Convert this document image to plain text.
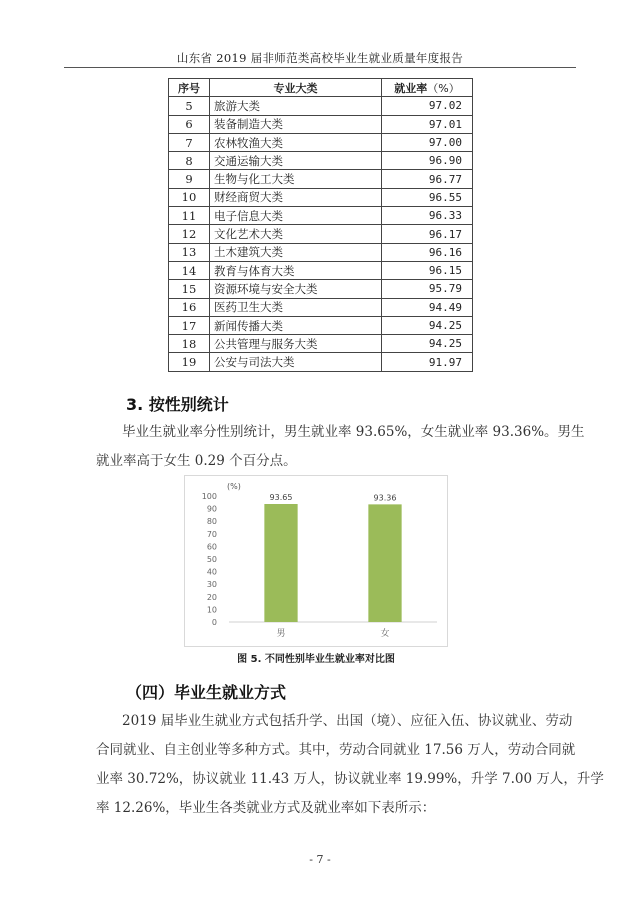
山东省 2019 届非师范类高校毕业生就业质量年度报告
序号	专业大类	就业率（%）
5	旅游大类	97.02
6	装备制造大类	97.01
7	农林牧渔大类	97.00
8	交通运输大类	96.90
9	生物与化工大类	96.77
10	财经商贸大类	96.55
11	电子信息大类	96.33
12	文化艺术大类	96.17
13	土木建筑大类	96.16
14	教育与体育大类	96.15
15	资源环境与安全大类	95.79
16	医药卫生大类	94.49
17	新闻传播大类	94.25
18	公共管理与服务大类	94.25
19	公安与司法大类	91.97
3. 按性别统计
毕业生就业率分性别统计，男生就业率 93.65%，女生就业率 93.36%。男生
就业率高于女生 0.29 个百分点。
(%)
0
10
20
30
40
50
60
70
80
90
100	93.65
男
93.36
女
图 5. 不同性别毕业生就业率对比图
（四）毕业生就业方式
2019 届毕业生就业方式包括升学、出国（境）、应征入伍、协议就业、劳动
合同就业、自主创业等多种方式。其中，劳动合同就业 17.56 万人，劳动合同就
业率 30.72%，协议就业 11.43 万人，协议就业率 19.99%，升学 7.00 万人，升学
率 12.26%，毕业生各类就业方式及就业率如下表所示：
- 7 -
